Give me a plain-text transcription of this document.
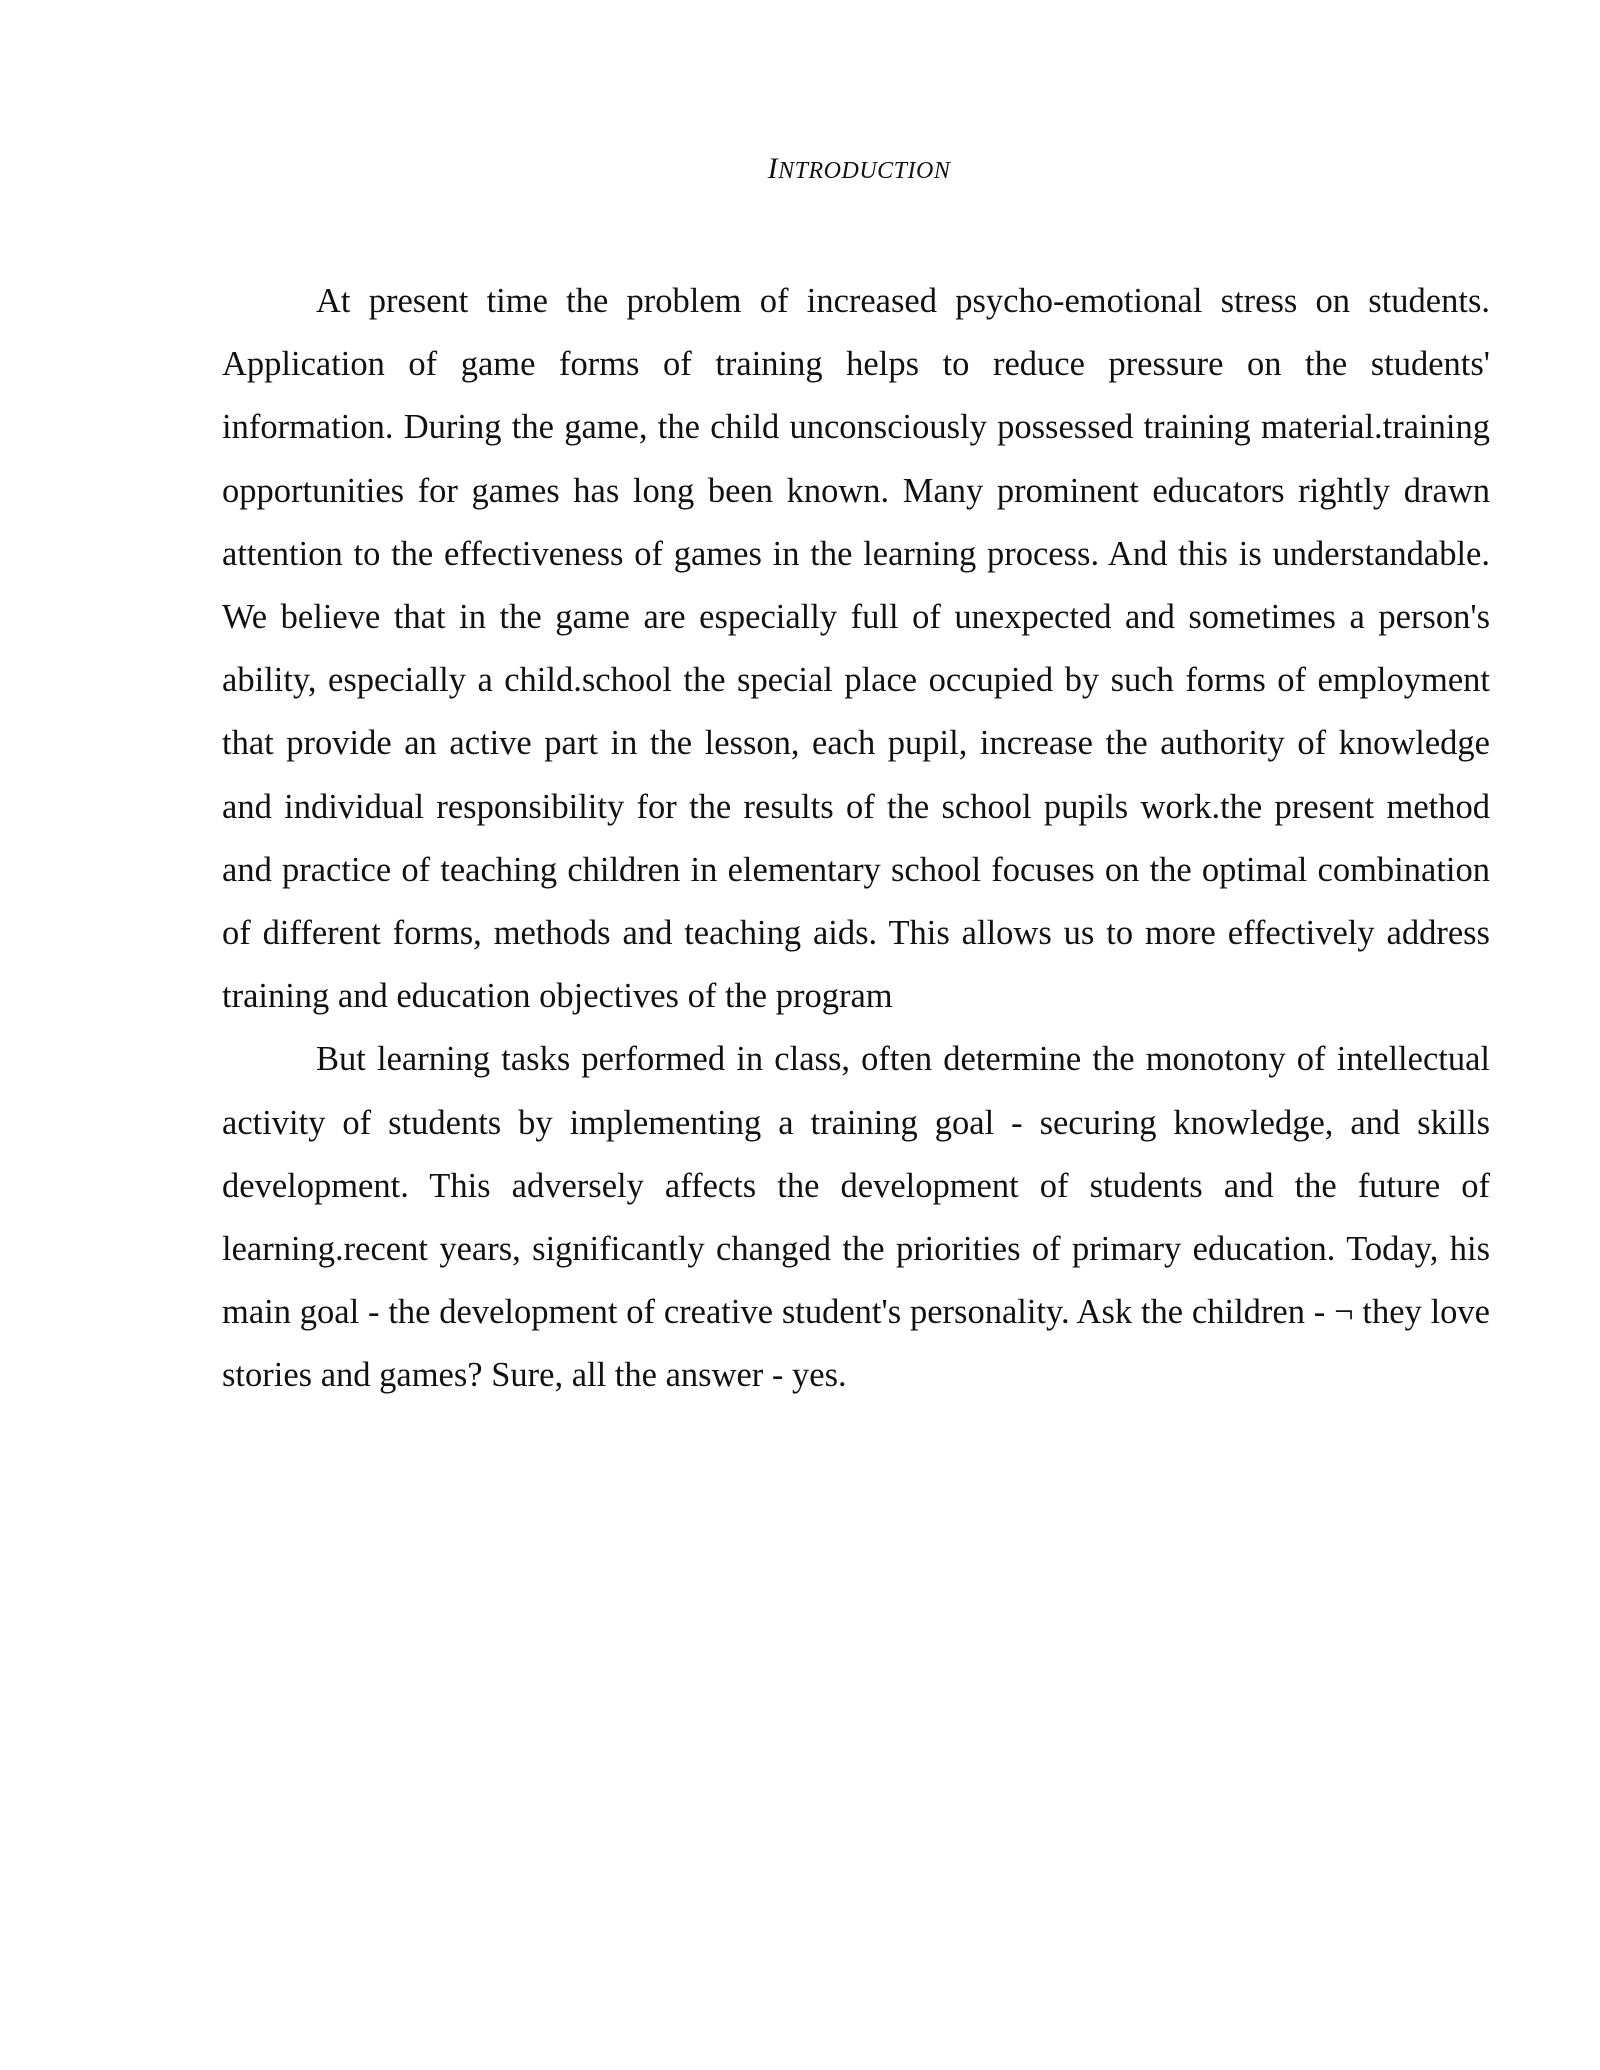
INTRODUCTION

At present time the problem of increased psycho-emotional stress on students. Application of game forms of training helps to reduce pressure on the students' information. During the game, the child unconsciously possessed training material.training opportunities for games has long been known. Many prominent educators rightly drawn attention to the effectiveness of games in the learning process. And this is understandable. We believe that in the game are especially full of unexpected and sometimes a person's ability, especially a child.school the special place occupied by such forms of employment that provide an active part in the lesson, each pupil, increase the authority of knowledge and individual responsibility for the results of the school pupils work.the present method and practice of teaching children in elementary school focuses on the optimal combination of different forms, methods and teaching aids. This allows us to more effectively address training and education objectives of the program

But learning tasks performed in class, often determine the monotony of intellectual activity of students by implementing a training goal - securing knowledge, and skills development. This adversely affects the development of students and the future of learning.recent years, significantly changed the priorities of primary education. Today, his main goal - the development of creative student's personality. Ask the children - ¬ they love stories and games? Sure, all the answer - yes.
